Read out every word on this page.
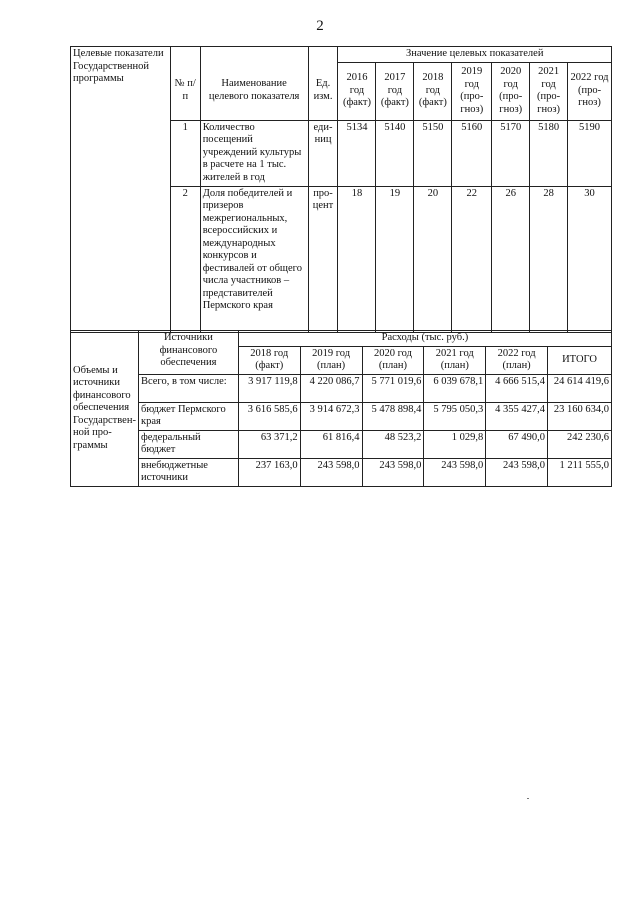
2
Целевые показатели Государственной программы				Значение целевых показателей						
	№ п/п	Наименование целевого показателя	Ед. изм.	2016 год (факт)	2017 год (факт)	2018 год (факт)	2019 год (про-гноз)	2020 год (про-гноз)	2021 год (про-гноз)	2022 год (про-гноз)
	1	Количество посещений учреждений культуры в расчете на 1 тыс. жителей в год	еди-ниц	5134	5140	5150	5160	5170	5180	5190
	2	Доля победителей и призеров межрегиональных, всероссийских и международных конкурсов и фестивалей от общего числа участников – представителей Пермского края	про-цент	18	19	20	22	26	28	30
Объемы и источники финансового обеспечения Государствен-ной про-граммы	Источники финансового обеспечения	Расходы (тыс. руб.)					
		2018 год (факт)	2019 год (план)	2020 год (план)	2021 год (план)	2022 год (план)	ИТОГО
	Всего, в том числе:	3 917 119,8	4 220 086,7	5 771 019,6	6 039 678,1	4 666 515,4	24 614 419,6
	бюджет Пермского края	3 616 585,6	3 914 672,3	5 478 898,4	5 795 050,3	4 355 427,4	23 160 634,0
	федеральный бюджет	63 371,2	61 816,4	48 523,2	1 029,8	67 490,0	242 230,6
	внебюджетные источники	237 163,0	243 598,0	243 598,0	243 598,0	243 598,0	1 211 555,0
